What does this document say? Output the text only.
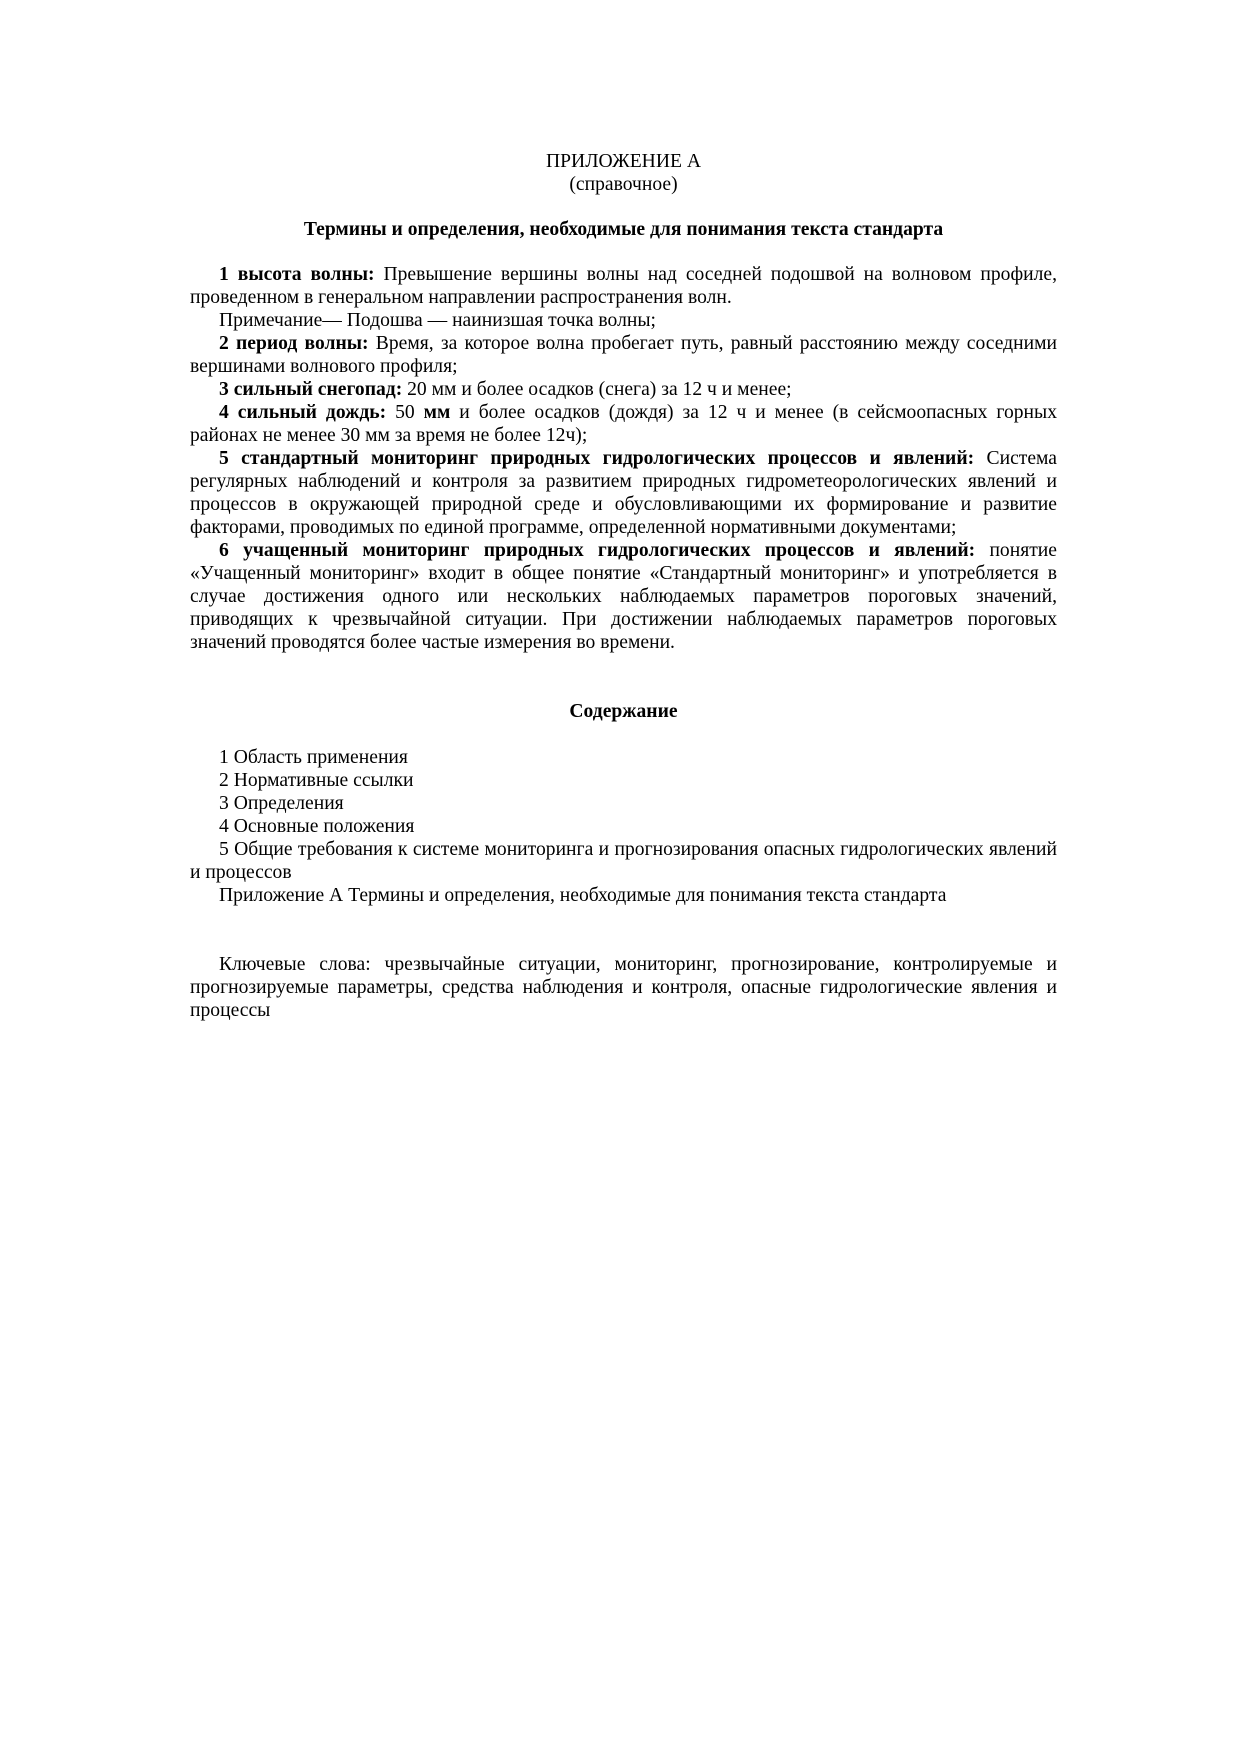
ПРИЛОЖЕНИЕ А
(справочное)
Термины и определения, необходимые для понимания текста стандарта

1 высота волны: Превышение вершины волны над соседней подошвой на волновом профиле, проведенном в генеральном направлении распространения волн.

Примечание— Подошва — наинизшая точка волны;

2 период волны: Время, за которое волна пробегает путь, равный расстоянию между соседними вершинами волнового профиля;

3 сильный снегопад: 20 мм и более осадков (снега) за 12 ч и менее;

4 сильный дождь: 50 мм и более осадков (дождя) за 12 ч и менее (в сейсмоопасных горных районах не менее 30 мм за время не более 12ч);

5 стандартный мониторинг природных гидрологических процессов и явлений: Система регулярных наблюдений и контроля за развитием природных гидрометеорологических явлений и процессов в окружающей природной среде и обусловливающими их формирование и развитие факторами, проводимых по единой программе, определенной нормативными документами;

6 учащенный мониторинг природных гидрологических процессов и явлений: понятие «Учащенный мониторинг» входит в общее понятие «Стандартный мониторинг» и употребляется в случае достижения одного или нескольких наблюдаемых параметров пороговых значений, приводящих к чрезвычайной ситуации. При достижении наблюдаемых параметров пороговых значений проводятся более частые измерения во времени.

Содержание

1 Область применения

2 Нормативные ссылки

3 Определения

4 Основные положения

5 Общие требования к системе мониторинга и прогнозирования опасных гидрологических явлений и процессов

Приложение А Термины и определения, необходимые для понимания текста стандарта

Ключевые слова: чрезвычайные ситуации, мониторинг, прогнозирование, контролируемые и прогнозируемые параметры, средства наблюдения и контроля, опасные гидрологические явления и процессы
